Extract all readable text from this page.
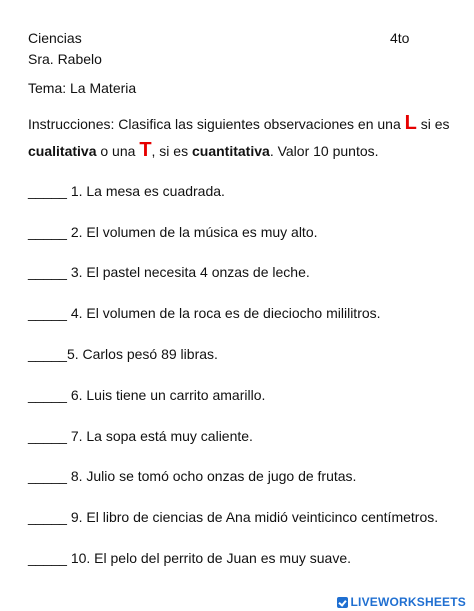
Ciencias	4to
Sra. Rabelo
Tema: La Materia
Instrucciones: Clasifica las siguientes observaciones en una L si es
cualitativa o una T, si es cuantitativa. Valor 10 puntos.
_____ 1. La mesa es cuadrada.
_____ 2. El volumen de la música es muy alto.
_____ 3. El pastel necesita 4 onzas de leche.
_____ 4. El volumen de la roca es de dieciocho mililitros.
_____5. Carlos pesó 89 libras.
_____ 6. Luis tiene un carrito amarillo.
_____ 7. La sopa está muy caliente.
_____ 8. Julio se tomó ocho onzas de jugo de frutas.
_____ 9. El libro de ciencias de Ana midió veinticinco centímetros.
_____ 10. El pelo del perrito de Juan es muy suave.
LIVEWORKSHEETS
